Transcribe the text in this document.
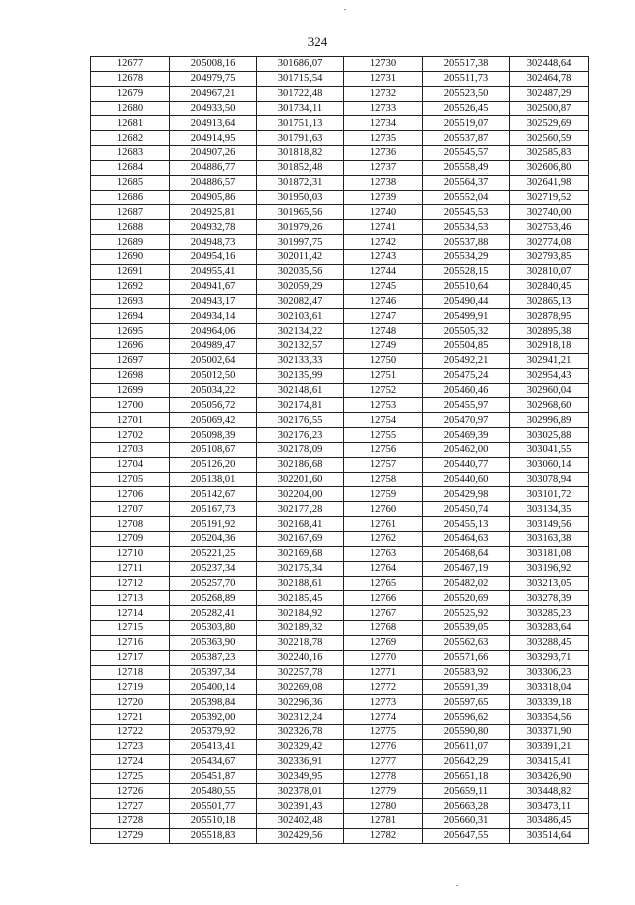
324
12677	205008,16	301686,07	12730	205517,38	302448,64
12678	204979,75	301715,54	12731	205511,73	302464,78
12679	204967,21	301722,48	12732	205523,50	302487,29
12680	204933,50	301734,11	12733	205526,45	302500,87
12681	204913,64	301751,13	12734	205519,07	302529,69
12682	204914,95	301791,63	12735	205537,87	302560,59
12683	204907,26	301818,82	12736	205545,57	302585,83
12684	204886,77	301852,48	12737	205558,49	302606,80
12685	204886,57	301872,31	12738	205564,37	302641,98
12686	204905,86	301950,03	12739	205552,04	302719,52
12687	204925,81	301965,56	12740	205545,53	302740,00
12688	204932,78	301979,26	12741	205534,53	302753,46
12689	204948,73	301997,75	12742	205537,88	302774,08
12690	204954,16	302011,42	12743	205534,29	302793,85
12691	204955,41	302035,56	12744	205528,15	302810,07
12692	204941,67	302059,29	12745	205510,64	302840,45
12693	204943,17	302082,47	12746	205490,44	302865,13
12694	204934,14	302103,61	12747	205499,91	302878,95
12695	204964,06	302134,22	12748	205505,32	302895,38
12696	204989,47	302132,57	12749	205504,85	302918,18
12697	205002,64	302133,33	12750	205492,21	302941,21
12698	205012,50	302135,99	12751	205475,24	302954,43
12699	205034,22	302148,61	12752	205460,46	302960,04
12700	205056,72	302174,81	12753	205455,97	302968,60
12701	205069,42	302176,55	12754	205470,97	302996,89
12702	205098,39	302176,23	12755	205469,39	303025,88
12703	205108,67	302178,09	12756	205462,00	303041,55
12704	205126,20	302186,68	12757	205440,77	303060,14
12705	205138,01	302201,60	12758	205440,60	303078,94
12706	205142,67	302204,00	12759	205429,98	303101,72
12707	205167,73	302177,28	12760	205450,74	303134,35
12708	205191,92	302168,41	12761	205455,13	303149,56
12709	205204,36	302167,69	12762	205464,63	303163,38
12710	205221,25	302169,68	12763	205468,64	303181,08
12711	205237,34	302175,34	12764	205467,19	303196,92
12712	205257,70	302188,61	12765	205482,02	303213,05
12713	205268,89	302185,45	12766	205520,69	303278,39
12714	205282,41	302184,92	12767	205525,92	303285,23
12715	205303,80	302189,32	12768	205539,05	303283,64
12716	205363,90	302218,78	12769	205562,63	303288,45
12717	205387,23	302240,16	12770	205571,66	303293,71
12718	205397,34	302257,78	12771	205583,92	303306,23
12719	205400,14	302269,08	12772	205591,39	303318,04
12720	205398,84	302296,36	12773	205597,65	303339,18
12721	205392,00	302312,24	12774	205596,62	303354,56
12722	205379,92	302326,78	12775	205590,80	303371,90
12723	205413,41	302329,42	12776	205611,07	303391,21
12724	205434,67	302336,91	12777	205642,29	303415,41
12725	205451,87	302349,95	12778	205651,18	303426,90
12726	205480,55	302378,01	12779	205659,11	303448,82
12727	205501,77	302391,43	12780	205663,28	303473,11
12728	205510,18	302402,48	12781	205660,31	303486,45
12729	205518,83	302429,56	12782	205647,55	303514,64
